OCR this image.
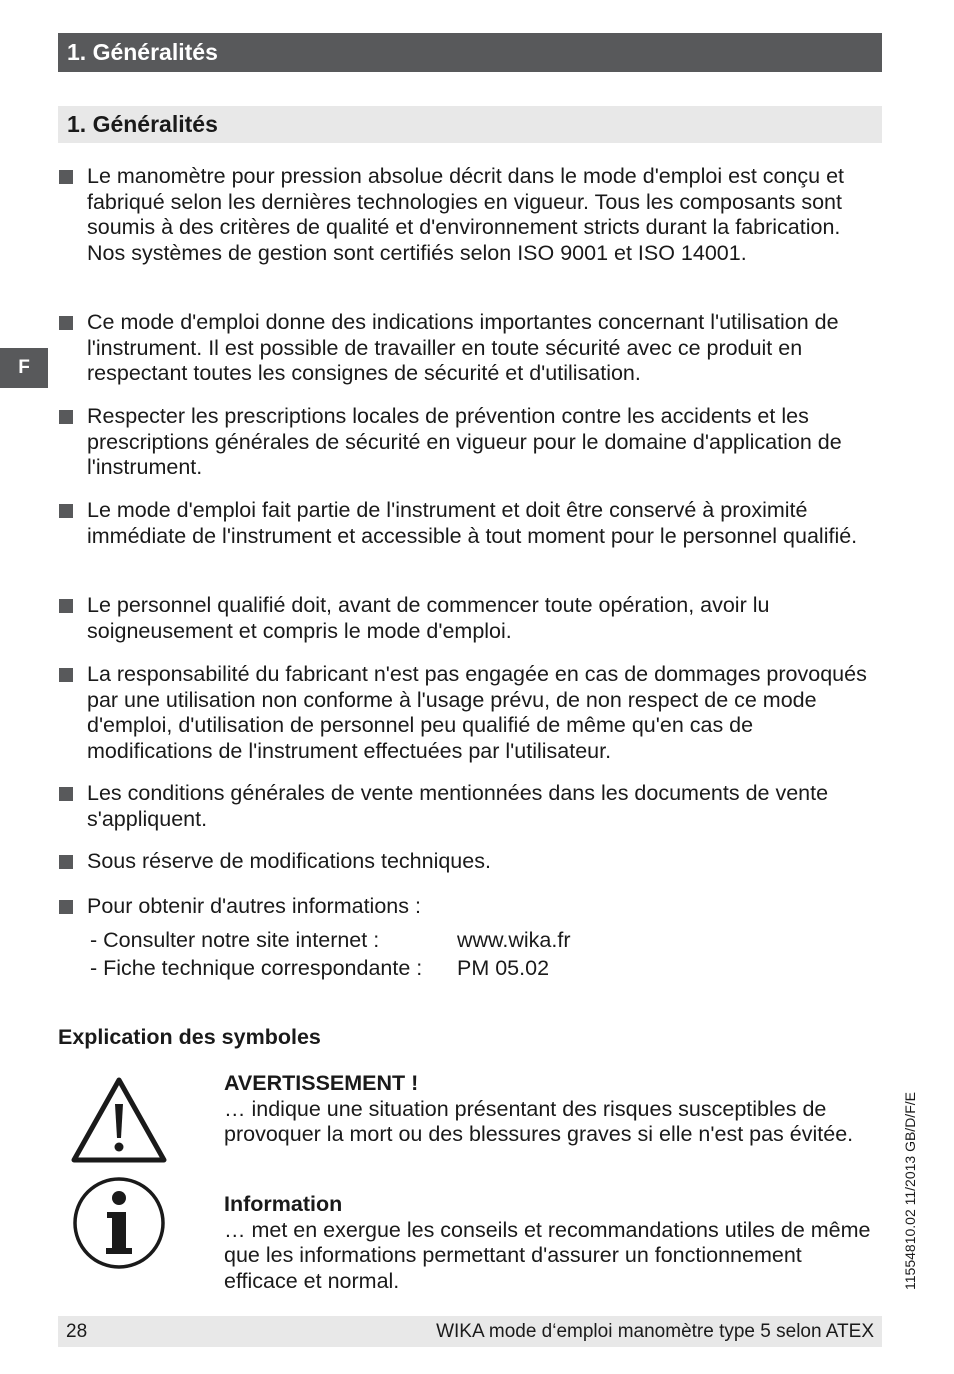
1. Généralités
1. Généralités
F
Le manomètre pour pression absolue décrit dans le mode d'emploi est conçu et fabriqué selon les dernières technologies en vigueur. Tous les composants sont soumis à des critères de qualité et d'environnement stricts durant la fabrication. Nos systèmes de gestion sont certifiés selon ISO 9001 et ISO 14001.
Ce mode d'emploi donne des indications importantes concernant l'utilisation de l'instrument. Il est possible de travailler en toute sécurité avec ce produit en respectant toutes les consignes de sécurité et d'utilisation.
Respecter les prescriptions locales de prévention contre les accidents et les prescriptions générales de sécurité en vigueur pour le domaine d'application de l'instrument.
Le mode d'emploi fait partie de l'instrument et doit être conservé à proximité immédiate de l'instrument et accessible à tout moment pour le personnel qualifié.
Le personnel qualifié doit, avant de commencer toute opération, avoir lu soigneusement et compris le mode d'emploi.
La responsabilité du fabricant n'est pas engagée en cas de dommages provoqués par une utilisation non conforme à l'usage prévu, de non respect de ce mode d'emploi, d'utilisation de personnel peu qualifié de même qu'en cas de modifications de l'instrument effectuées par l'utilisateur.
Les conditions générales de vente mentionnées dans les documents de vente s'appliquent.
Sous réserve de modifications techniques.
Pour obtenir d'autres informations :
- Consulter notre site internet :	www.wika.fr
- Fiche technique correspondante : PM 05.02
Explication des symboles
AVERTISSEMENT !
… indique une situation présentant des risques susceptibles de provoquer la mort ou des blessures graves si elle n'est pas évitée.
Information
… met en exergue les conseils et recommandations utiles de même que les informations permettant d'assurer un fonctionnement efficace et normal.	11554810.02 11/2013 GB/D/F/E
28	WIKA mode d‘emploi manomètre type 5 selon ATEX
